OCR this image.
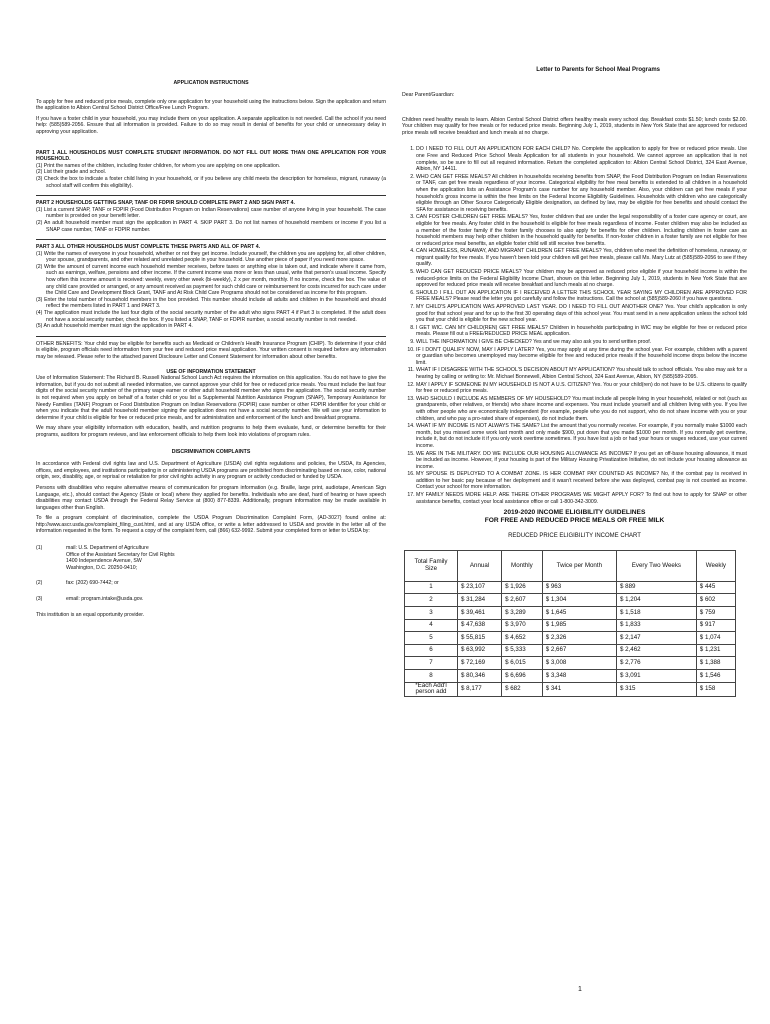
Letter to Parents for School Meal Programs

APPLICATION INSTRUCTIONS

To apply for free and reduced price meals, complete only one application for your household using the instructions below. Sign the application and return the application to Albion Central School District Office/Free Lunch Program.

If you have a foster child in your household, you may include them on your application. A separate application is not needed. Call the school if you need help: (585)589-2056. Ensure that all information is provided. Failure to do so may result in denial of benefits for your child or unnecessary delay in approving your application.

PART 1 ALL HOUSEHOLDS MUST COMPLETE STUDENT INFORMATION. DO NOT FILL OUT MORE THAN ONE APPLICATION FOR YOUR HOUSEHOLD.

(1) Print the names of the children, including foster children, for whom you are applying on one application.

(2) List their grade and school.

(3) Check the box to indicate a foster child living in your household, or if you believe any child meets the description for homeless, migrant, runaway (a school staff will confirm this eligibility).

PART 2 HOUSEHOLDS GETTING SNAP, TANF OR FDPIR SHOULD COMPLETE PART 2 AND SIGN PART 4.

(1) List a current SNAP, TANF or FDPIR (Food Distribution Program on Indian Reservations) case number of anyone living in your household. The case number is provided on your benefit letter.

(2) An adult household member must sign the application in PART 4. SKIP PART 3. Do not list names of household members or income if you list a SNAP case number, TANF or FDPIR number.

PART 3 ALL OTHER HOUSEHOLDS MUST COMPLETE THESE PARTS AND ALL OF PART 4.

(1) Write the names of everyone in your household, whether or not they get income. Include yourself, the children you are applying for, all other children, your spouse, grandparents, and other related and unrelated people in your household. Use another piece of paper if you need more space.

(2) Write the amount of current income each household member receives, before taxes or anything else is taken out, and indicate where it came from, such as earnings, welfare, pensions and other income. If the current income was more or less than usual, write that person's usual income. Specify how often this income amount is received: weekly, every other week (bi-weekly), 2 x per month, monthly. If no income, check the box. The value of any child care provided or arranged, or any amount received as payment for such child care or reimbursement for costs incurred for such care under the Child Care and Development Block Grant, TANF and At Risk Child Care Programs should not be considered as income for this program.

(3) Enter the total number of household members in the box provided. This number should include all adults and children in the household and should reflect the members listed in PART 1 and PART 3.

(4) The application must include the last four digits of the social security number of the adult who signs PART 4 if Part 3 is completed. If the adult does not have a social security number, check the box. If you listed a SNAP, TANF or FDPIR number, a social security number is not needed.

(5) An adult household member must sign the application in PART 4.

OTHER BENEFITS: Your child may be eligible for benefits such as Medicaid or Children's Health Insurance Program (CHIP). To determine if your child is eligible, program officials need information from your free and reduced price meal application. Your written consent is required before any information may be released. Please refer to the attached parent Disclosure Letter and Consent Statement for information about other benefits.

USE OF INFORMATION STATEMENT

Use of Information Statement: The Richard B. Russell National School Lunch Act requires the information on this application. You do not have to give the information, but if you do not submit all needed information, we cannot approve your child for free or reduced price meals. You must include the last four digits of the social security number of the primary wage earner or other adult household member who signs the application. The social security number is not required when you apply on behalf of a foster child or you list a Supplemental Nutrition Assistance Program (SNAP), Temporary Assistance for Needy Families (TANF) Program or Food Distribution Program on Indian Reservations (FDPIR) case number or other FDPIR identifier for your child or when you indicate that the adult household member signing the application does not have a social security number. We will use your information to determine if your child is eligible for free or reduced price meals, and for administration and enforcement of the lunch and breakfast programs.

We may share your eligibility information with education, health, and nutrition programs to help them evaluate, fund, or determine benefits for their programs, auditors for program reviews, and law enforcement officials to help them look into violations of program rules.

DISCRIMINATION COMPLAINTS

In accordance with Federal civil rights law and U.S. Department of Agriculture (USDA) civil rights regulations and policies, the USDA, its Agencies, offices, and employees, and institutions participating in or administering USDA programs are prohibited from discriminating based on race, color, national origin, sex, disability, age, or reprisal or retaliation for prior civil rights activity in any program or activity conducted or funded by USDA.

Persons with disabilities who require alternative means of communication for program information (e.g. Braille, large print, audiotape, American Sign Language, etc.), should contact the Agency (State or local) where they applied for benefits. Individuals who are deaf, hard of hearing or have speech disabilities may contact USDA through the Federal Relay Service at (800) 877-8339. Additionally, program information may be made available in languages other than English.

To file a program complaint of discrimination, complete the USDA Program Discrimination Complaint Form, (AD-3027) found online at: http://www.ascr.usda.gov/complaint_filing_cust.html, and at any USDA office, or write a letter addressed to USDA and provide in the letter all of the information requested in the form. To request a copy of the complaint form, call (866) 632-9992. Submit your completed form or letter to USDA by:

(1)	mail: U.S. Department of Agriculture
Office of the Assistant Secretary for Civil Rights
1400 Independence Avenue, SW
Washington, D.C. 20250-9410;
(2)	fax: (202) 690-7442; or
(3)	email: program.intake@usda.gov.

This institution is an equal opportunity provider.

Dear Parent/Guardian:

Children need healthy meals to learn. Albion Central School District offers healthy meals every school day. Breakfast costs $1.50; lunch costs $2.00. Your children may qualify for free meals or for reduced price meals. Beginning July 1, 2019, students in New York State that are approved for reduced price meals will receive breakfast and lunch meals at no charge.

1. DO I NEED TO FILL OUT AN APPLICATION FOR EACH CHILD? No. Complete the application to apply for free or reduced price meals. Use one Free and Reduced Price School Meals Application for all students in your household. We cannot approve an application that is not complete, so be sure to fill out all required information. Return the completed application to: Albion Central School District, 324 East Avenue, Albion, NY 14411.
2. WHO CAN GET FREE MEALS? All children in households receiving benefits from SNAP, the Food Distribution Program on Indian Reservations or TANF, can get free meals regardless of your income. Categorical eligibility for free meal benefits is extended to all children in a household when the application lists an Assistance Program's case number for any household member. Also, your children can get free meals if your household's gross income is within the free limits on the Federal Income Eligibility Guidelines. Households with children who are categorically eligible through an Other Source Categorically Eligible designation, as defined by law, may be eligible for free benefits and should contact the SFA for assistance in receiving benefits.
3. CAN FOSTER CHILDREN GET FREE MEALS? Yes, foster children that are under the legal responsibility of a foster care agency or court, are eligible for free meals. Any foster child in the household is eligible for free meals regardless of income. Foster children may also be included as a member of the foster family if the foster family chooses to also apply for benefits for other children. Including children in foster care as household members may help other children in the household qualify for benefits. If non-foster children in a foster family are not eligible for free or reduced price meal benefits, an eligible foster child will still receive free benefits.
4. CAN HOMELESS, RUNAWAY, AND MIGRANT CHILDREN GET FREE MEALS? Yes, children who meet the definition of homeless, runaway, or migrant qualify for free meals. If you haven't been told your children will get free meals, please call Ms. Mary Lutz at (585)589-2056 to see if they qualify.
5. WHO CAN GET REDUCED PRICE MEALS? Your children may be approved as reduced price eligible if your household income is within the reduced-price limits on the Federal Eligibility Income Chart, shown on this letter. Beginning July 1, 2019, students in New York State that are approved for reduced price meals will receive breakfast and lunch meals at no charge.
6. SHOULD I FILL OUT AN APPLICATION IF I RECEIVED A LETTER THIS SCHOOL YEAR SAYING MY CHILDREN ARE APPROVED FOR FREE MEALS? Please read the letter you got carefully and follow the instructions. Call the school at (585)589-2060 if you have questions.
7. MY CHILD'S APPLICATION WAS APPROVED LAST YEAR. DO I NEED TO FILL OUT ANOTHER ONE? Yes. Your child's application is only good for that school year and for up to the first 30 operating days of this school year. You must send in a new application unless the school told you that your child is eligible for the new school year.
8. I GET WIC. CAN MY CHILD(REN) GET FREE MEALS? Children in households participating in WIC may be eligible for free or reduced price meals. Please fill out a FREE/REDUCED PRICE MEAL application.
9. WILL THE INFORMATION I GIVE BE CHECKED? Yes and we may also ask you to send written proof.
10. IF I DON'T QUALIFY NOW, MAY I APPLY LATER? Yes, you may apply at any time during the school year. For example, children with a parent or guardian who becomes unemployed may become eligible for free and reduced price meals if the household income drops below the income limit.
11. WHAT IF I DISAGREE WITH THE SCHOOL'S DECISION ABOUT MY APPLICATION? You should talk to school officials. You also may ask for a hearing by calling or writing to: Mr. Michael Bonnewell, Albion Central School, 324 East Avenue, Albion, NY (585)589-2095.
12. MAY I APPLY IF SOMEONE IN MY HOUSEHOLD IS NOT A U.S. CITIZEN? Yes. You or your child(ren) do not have to be U.S. citizens to qualify for free or reduced price meals.
13. WHO SHOULD I INCLUDE AS MEMBERS OF MY HOUSEHOLD? You must include all people living in your household, related or not (such as grandparents, other relatives, or friends) who share income and expenses. You must include yourself and all children living with you. If you live with other people who are economically independent (for example, people who you do not support, who do not share income with you or your children, and who pay a pro-rated share of expenses), do not include them.
14. WHAT IF MY INCOME IS NOT ALWAYS THE SAME? List the amount that you normally receive. For example, if you normally make $1000 each month, but you missed some work last month and only made $900, put down that you made $1000 per month. If you normally get overtime, include it, but do not include it if you only work overtime sometimes. If you have lost a job or had your hours or wages reduced, use your current income.
15. WE ARE IN THE MILITARY. DO WE INCLUDE OUR HOUSING ALLOWANCE AS INCOME? If you get an off-base housing allowance, it must be included as income. However, if your housing is part of the Military Housing Privatization Initiative, do not include your housing allowance as income.
16. MY SPOUSE IS DEPLOYED TO A COMBAT ZONE. IS HER COMBAT PAY COUNTED AS INCOME? No, if the combat pay is received in addition to her basic pay because of her deployment and it wasn't received before she was deployed, combat pay is not counted as income. Contact your school for more information.
17. MY FAMILY NEEDS MORE HELP. ARE THERE OTHER PROGRAMS WE MIGHT APPLY FOR? To find out how to apply for SNAP or other assistance benefits, contact your local assistance office or call 1-800-342-3009.

2019-2020 INCOME ELIGIBILITY GUIDELINES

FOR FREE AND REDUCED PRICE MEALS OR FREE MILK

REDUCED PRICE ELIGIBILITY INCOME CHART

Total Family Size	Annual	Monthly	Twice per Month	Every Two Weeks	Weekly
1	$ 23,107	$ 1,926	$ 963	$ 889	$ 445
2	$ 31,284	$ 2,607	$ 1,304	$ 1,204	$ 602
3	$ 39,461	$ 3,289	$ 1,645	$ 1,518	$ 759
4	$ 47,638	$ 3,970	$ 1,985	$ 1,833	$ 917
5	$ 55,815	$ 4,652	$ 2,326	$ 2,147	$ 1,074
6	$ 63,992	$ 5,333	$ 2,667	$ 2,462	$ 1,231
7	$ 72,169	$ 6,015	$ 3,008	$ 2,776	$ 1,388
8	$ 80,346	$ 6,696	$ 3,348	$ 3,091	$ 1,546
*Each Add'l person add	$ 8,177	$ 682	$ 341	$ 315	$ 158
1
